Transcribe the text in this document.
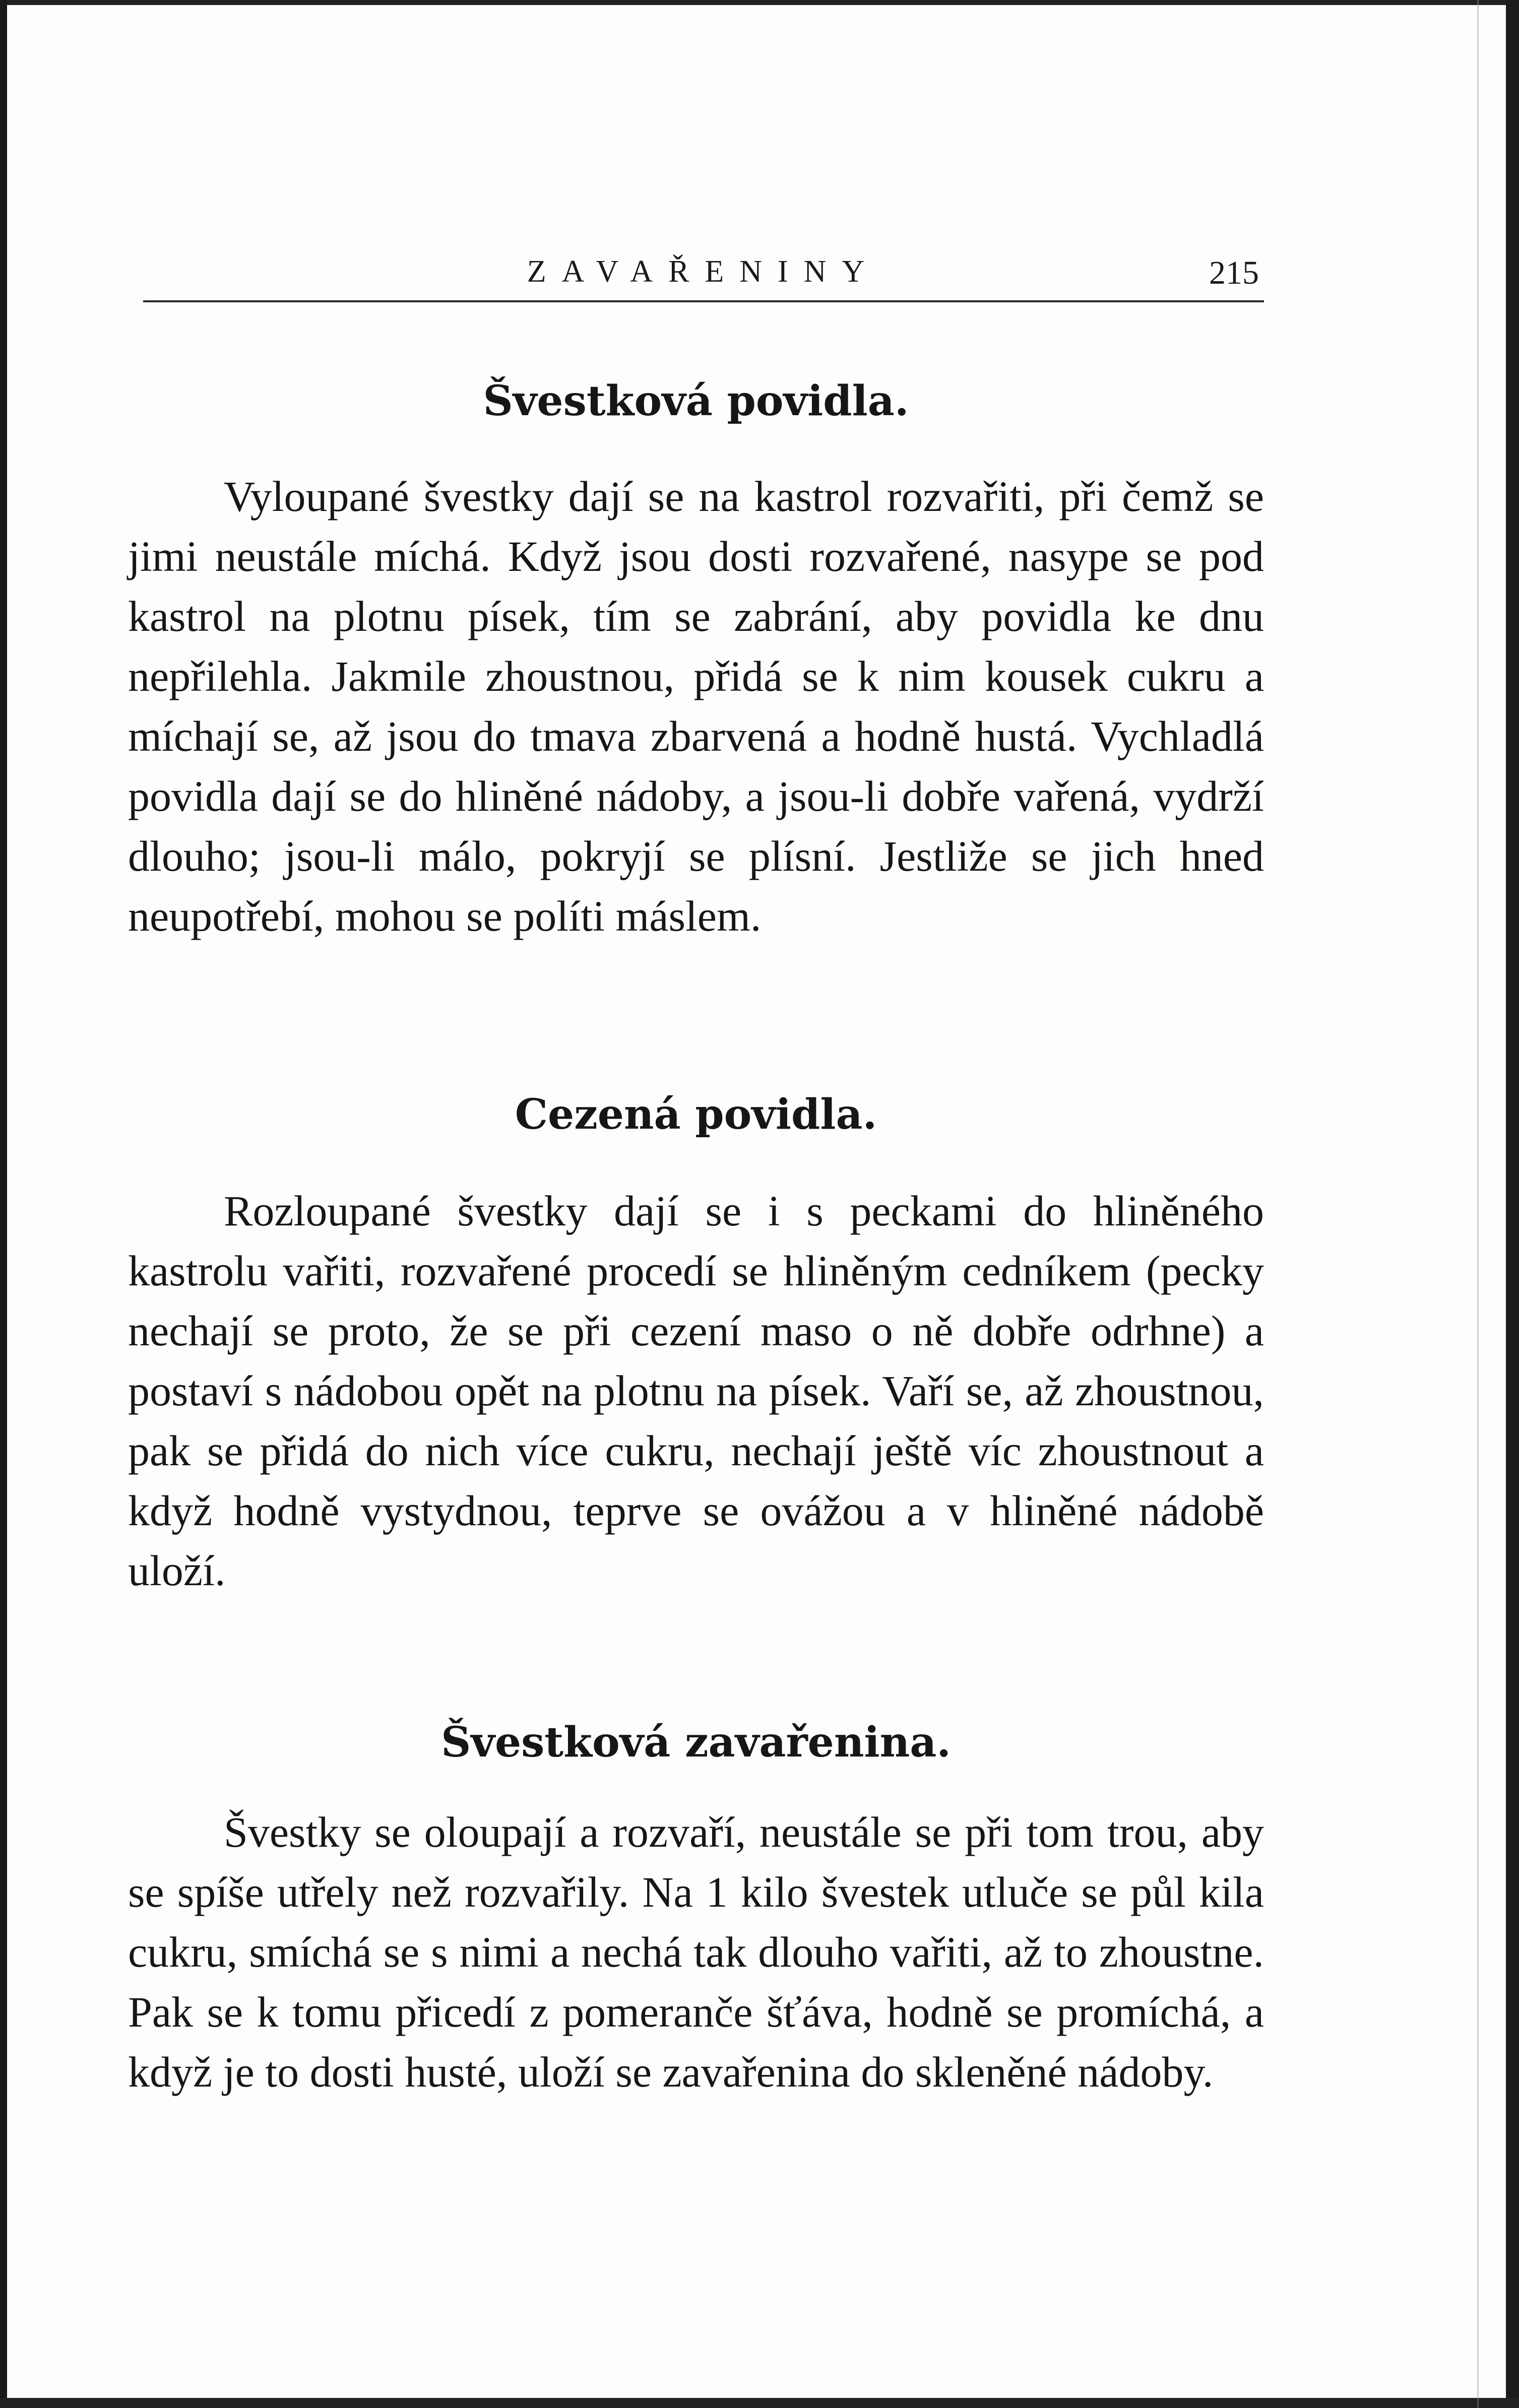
ZAVAŘENINY	215
Švestková povidla.

Vyloupané švestky dají se na kastrol rozvařiti, při čemž se jimi neustále míchá. Když jsou dosti rozvařené, nasype se pod kastrol na plotnu písek, tím se zabrání, aby povidla ke dnu nepřilehla. Jakmile zhoustnou, přidá se k nim kousek cukru a míchají se, až jsou do tmava zbarvená a hodně hustá. Vychladlá povidla dají se do hliněné nádoby, a jsou-li dobře vařená, vydrží dlouho; jsou-li málo, pokryjí se plísní. Jestliže se jich hned neupotřebí, mohou se políti máslem.

Cezená povidla.

Rozloupané švestky dají se i s peckami do hliněného kastrolu vařiti, rozvařené procedí se hliněným cedníkem (pecky nechají se proto, že se při cezení maso o ně dobře odrhne) a postaví s nádobou opět na plotnu na písek. Vaří se, až zhoustnou, pak se přidá do nich více cukru, nechají ještě víc zhoustnout a když hodně vystydnou, teprve se ovážou a v hliněné nádobě uloží.

Švestková zavařenina.

Švestky se oloupají a rozvaří, neustále se při tom trou, aby se spíše utřely než rozvařily. Na 1 kilo švestek utluče se půl kila cukru, smíchá se s nimi a nechá tak dlouho vařiti, až to zhoustne. Pak se k tomu přicedí z pomeranče šťáva, hodně se promíchá, a když je to dosti husté, uloží se zavařenina do skleněné nádoby.
